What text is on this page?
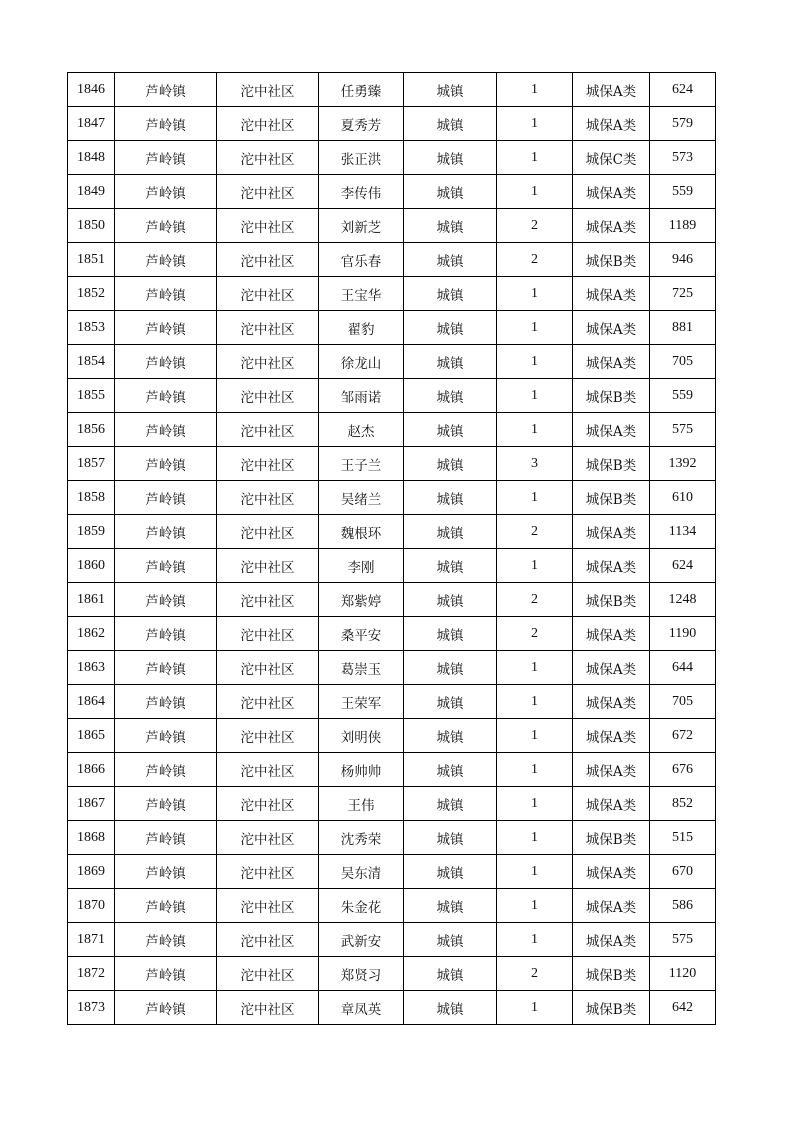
1846	芦岭镇	沱中社区	任勇臻	城镇	1	城保A类	624
1847	芦岭镇	沱中社区	夏秀芳	城镇	1	城保A类	579
1848	芦岭镇	沱中社区	张正洪	城镇	1	城保C类	573
1849	芦岭镇	沱中社区	李传伟	城镇	1	城保A类	559
1850	芦岭镇	沱中社区	刘新芝	城镇	2	城保A类	1189
1851	芦岭镇	沱中社区	官乐春	城镇	2	城保B类	946
1852	芦岭镇	沱中社区	王宝华	城镇	1	城保A类	725
1853	芦岭镇	沱中社区	翟豹	城镇	1	城保A类	881
1854	芦岭镇	沱中社区	徐龙山	城镇	1	城保A类	705
1855	芦岭镇	沱中社区	邹雨诺	城镇	1	城保B类	559
1856	芦岭镇	沱中社区	赵杰	城镇	1	城保A类	575
1857	芦岭镇	沱中社区	王子兰	城镇	3	城保B类	1392
1858	芦岭镇	沱中社区	吴绪兰	城镇	1	城保B类	610
1859	芦岭镇	沱中社区	魏根环	城镇	2	城保A类	1134
1860	芦岭镇	沱中社区	李刚	城镇	1	城保A类	624
1861	芦岭镇	沱中社区	郑紫婷	城镇	2	城保B类	1248
1862	芦岭镇	沱中社区	桑平安	城镇	2	城保A类	1190
1863	芦岭镇	沱中社区	葛崇玉	城镇	1	城保A类	644
1864	芦岭镇	沱中社区	王荣军	城镇	1	城保A类	705
1865	芦岭镇	沱中社区	刘明侠	城镇	1	城保A类	672
1866	芦岭镇	沱中社区	杨帅帅	城镇	1	城保A类	676
1867	芦岭镇	沱中社区	王伟	城镇	1	城保A类	852
1868	芦岭镇	沱中社区	沈秀荣	城镇	1	城保B类	515
1869	芦岭镇	沱中社区	吴东清	城镇	1	城保A类	670
1870	芦岭镇	沱中社区	朱金花	城镇	1	城保A类	586
1871	芦岭镇	沱中社区	武新安	城镇	1	城保A类	575
1872	芦岭镇	沱中社区	郑贤习	城镇	2	城保B类	1120
1873	芦岭镇	沱中社区	章凤英	城镇	1	城保B类	642
